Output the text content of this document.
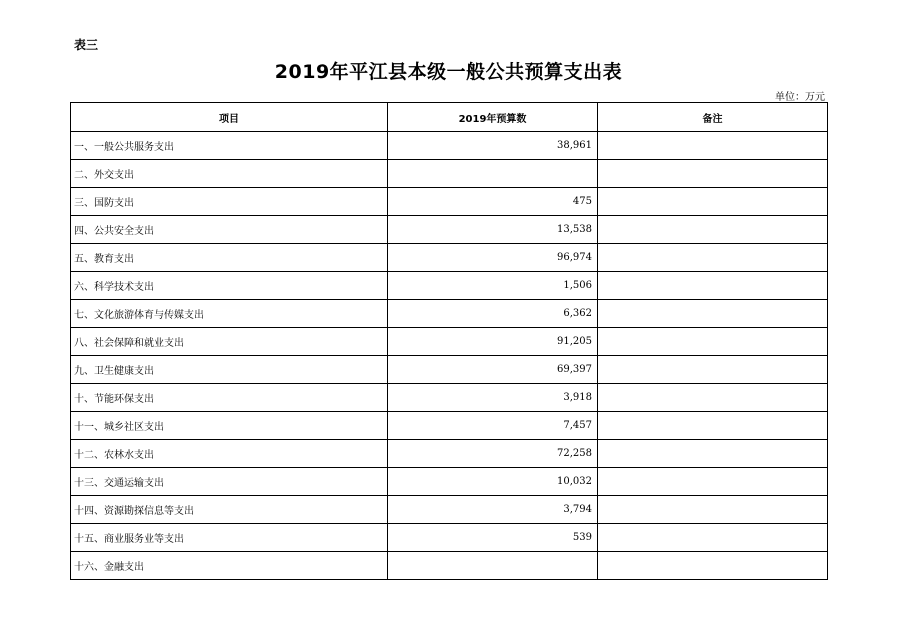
表三
2019年平江县本级一般公共预算支出表
单位：万元
项目	2019年预算数	备注
一、一般公共服务支出	38,961	
二、外交支出		
三、国防支出	475	
四、公共安全支出	13,538	
五、教育支出	96,974	
六、科学技术支出	1,506	
七、文化旅游体育与传媒支出	6,362	
八、社会保障和就业支出	91,205	
九、卫生健康支出	69,397	
十、节能环保支出	3,918	
十一、城乡社区支出	7,457	
十二、农林水支出	72,258	
十三、交通运输支出	10,032	
十四、资源勘探信息等支出	3,794	
十五、商业服务业等支出	539	
十六、金融支出		
